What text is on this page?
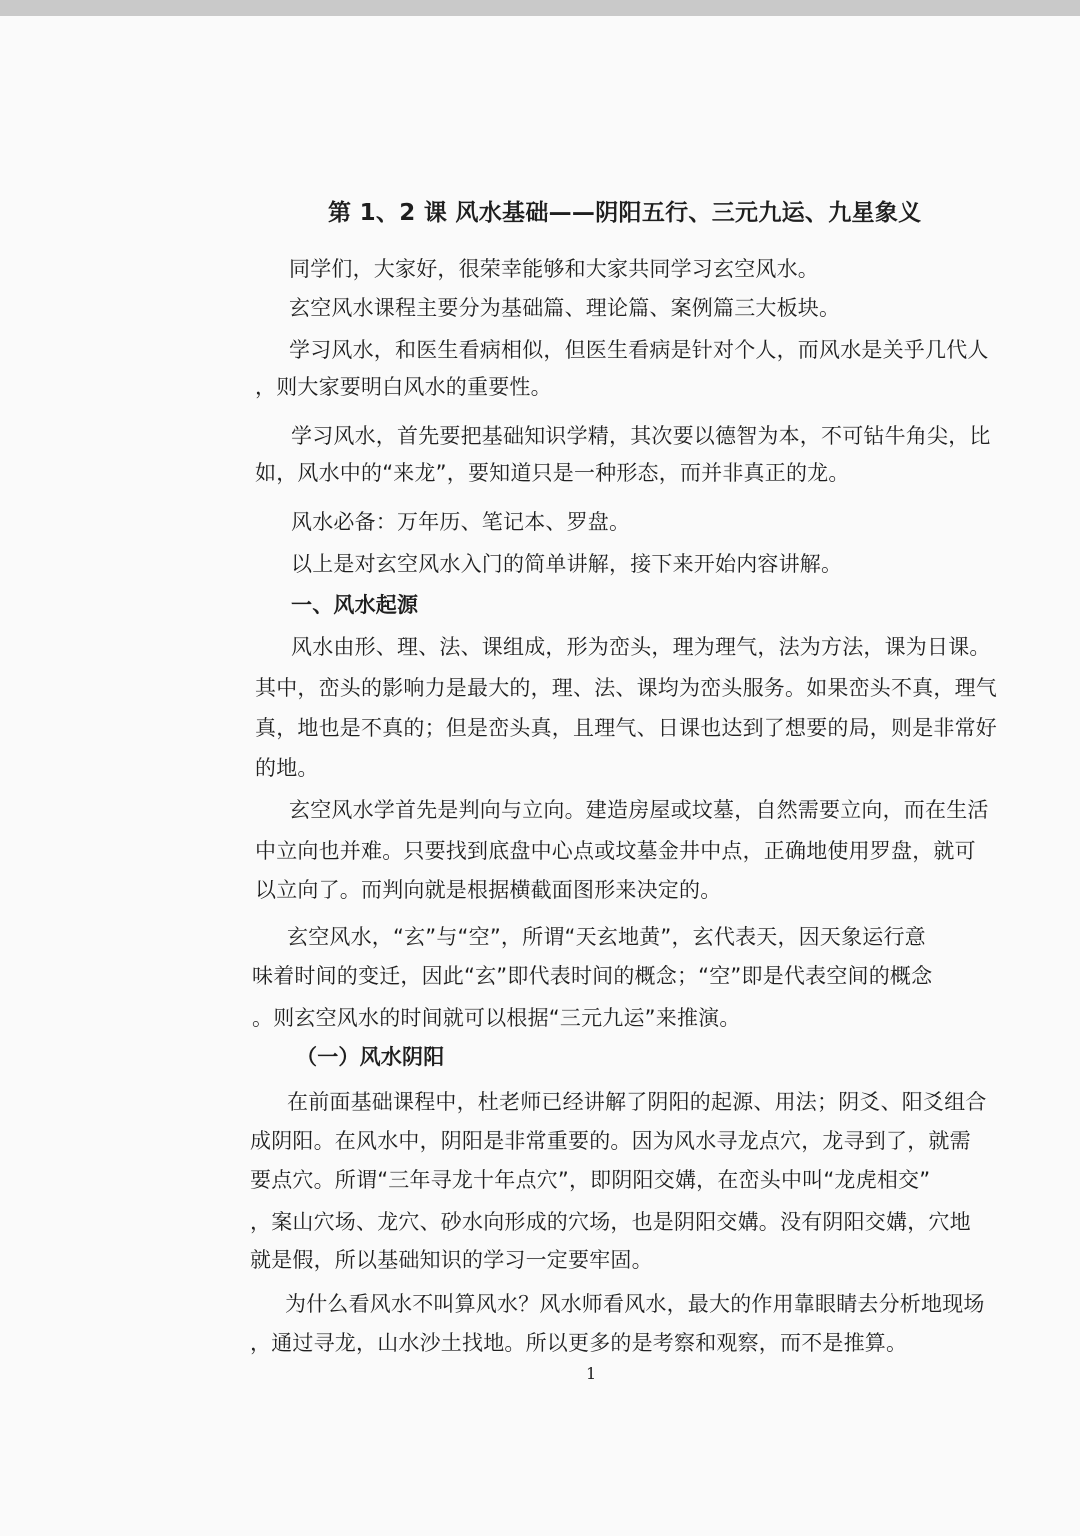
第 1、2 课 风水基础——阴阳五行、三元九运、九星象义
同学们，大家好，很荣幸能够和大家共同学习玄空风水。
玄空风水课程主要分为基础篇、理论篇、案例篇三大板块。
学习风水，和医生看病相似，但医生看病是针对个人，而风水是关乎几代人
，则大家要明白风水的重要性。
学习风水，首先要把基础知识学精，其次要以德智为本，不可钻牛角尖，比
如，风水中的“来龙”，要知道只是一种形态，而并非真正的龙。
风水必备：万年历、笔记本、罗盘。
以上是对玄空风水入门的简单讲解，接下来开始内容讲解。
一、风水起源
风水由形、理、法、课组成，形为峦头，理为理气，法为方法，课为日课。
其中，峦头的影响力是最大的，理、法、课均为峦头服务。如果峦头不真，理气
真，地也是不真的；但是峦头真，且理气、日课也达到了想要的局，则是非常好
的地。
玄空风水学首先是判向与立向。建造房屋或坟墓，自然需要立向，而在生活
中立向也并难。只要找到底盘中心点或坟墓金井中点，正确地使用罗盘，就可
以立向了。而判向就是根据横截面图形来决定的。
玄空风水，“玄”与“空”，所谓“天玄地黄”，玄代表天，因天象运行意
味着时间的变迁，因此“玄”即代表时间的概念；“空”即是代表空间的概念
。则玄空风水的时间就可以根据“三元九运”来推演。
（一）风水阴阳
在前面基础课程中，杜老师已经讲解了阴阳的起源、用法；阴爻、阳爻组合
成阴阳。在风水中，阴阳是非常重要的。因为风水寻龙点穴，龙寻到了，就需
要点穴。所谓“三年寻龙十年点穴”，即阴阳交媾，在峦头中叫“龙虎相交”
，案山穴场、龙穴、砂水向形成的穴场，也是阴阳交媾。没有阴阳交媾，穴地
就是假，所以基础知识的学习一定要牢固。
为什么看风水不叫算风水？风水师看风水，最大的作用靠眼睛去分析地现场
，通过寻龙，山水沙土找地。所以更多的是考察和观察，而不是推算。
1
